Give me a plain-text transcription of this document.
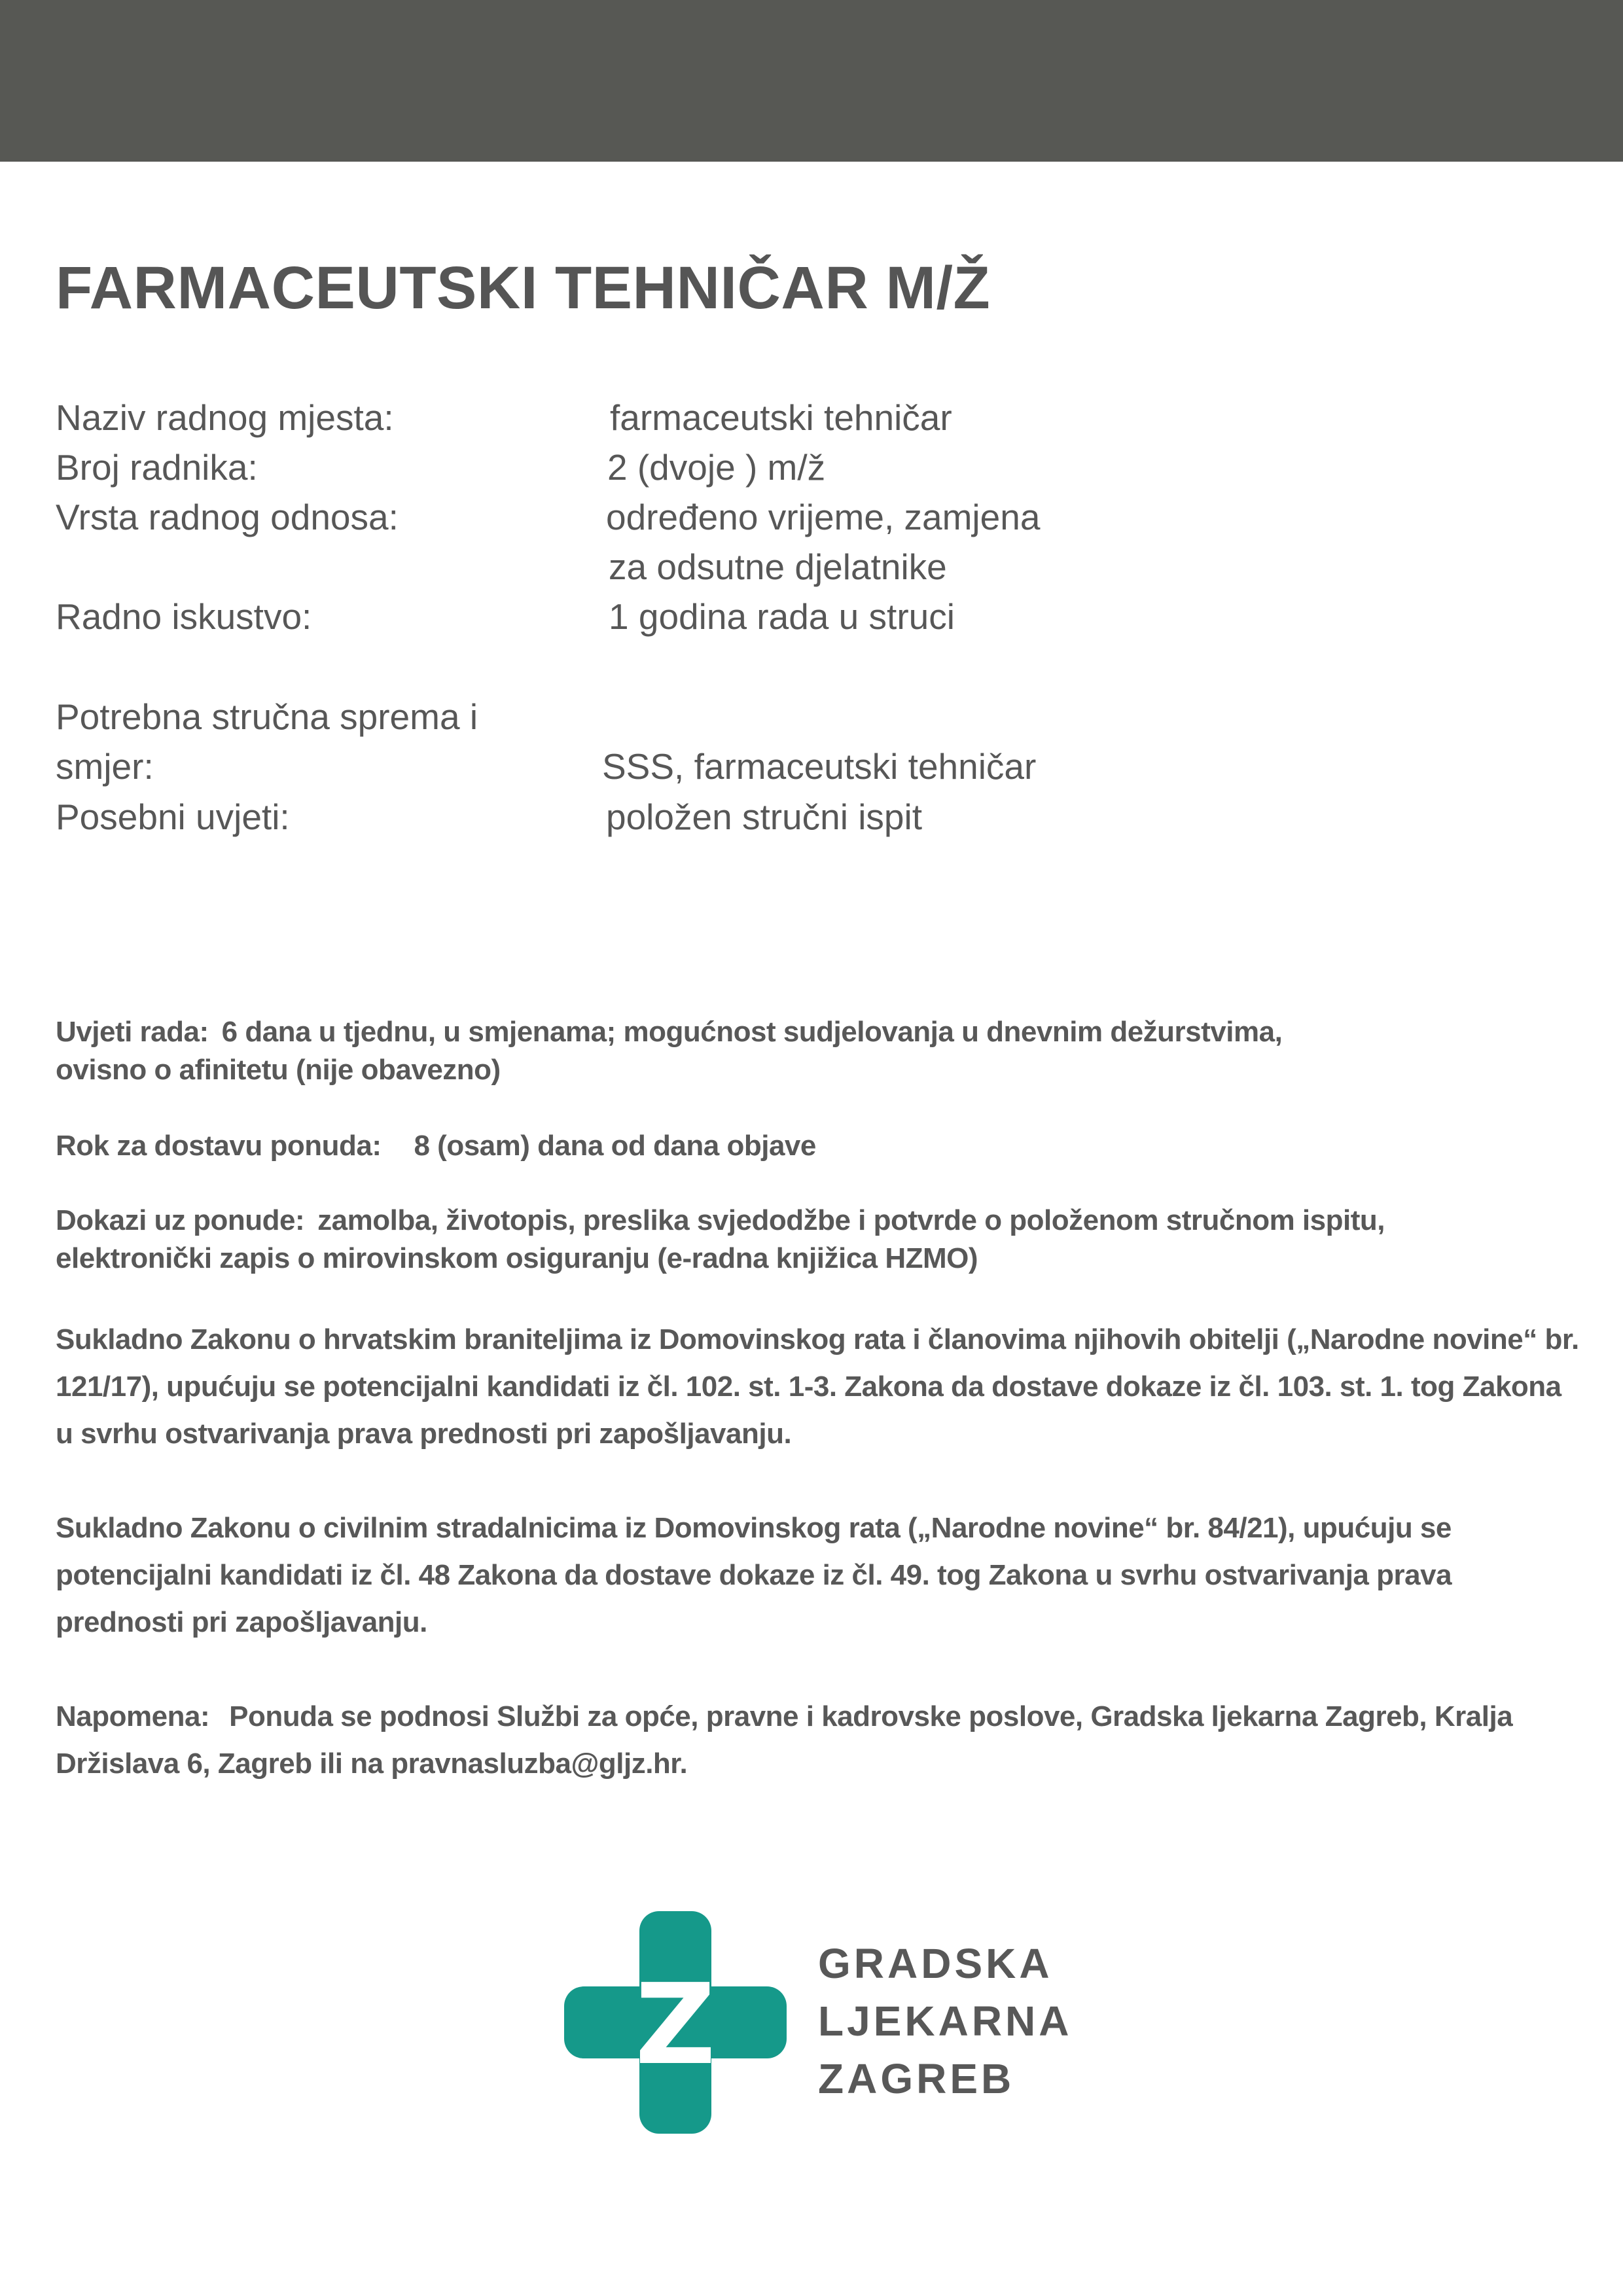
FARMACEUTSKI TEHNIČAR M/Ž
Naziv radnog mjesta:	farmaceutski tehničar
Broj radnika:	2 (dvoje ) m/ž
Vrsta radnog odnosa:	određeno vrijeme, zamjena
za odsutne djelatnike
Radno iskustvo:	1 godina rada u struci
Potrebna stručna sprema i
smjer:	SSS, farmaceutski tehničar
Posebni uvjeti:	položen stručni ispit

Uvjeti rada: 6 dana u tjednu, u smjenama; mogućnost sudjelovanja u dnevnim dežurstvima, ovisno o afinitetu (nije obavezno)

Rok za dostavu ponuda: 8 (osam) dana od dana objave

Dokazi uz ponude: zamolba, životopis, preslika svjedodžbe i potvrde o položenom stručnom ispitu, elektronički zapis o mirovinskom osiguranju (e-radna knjižica HZMO)

Sukladno Zakonu o hrvatskim braniteljima iz Domovinskog rata i članovima njihovih obitelji („Narodne novine“ br. 121/17), upućuju se potencijalni kandidati iz čl. 102. st. 1-3. Zakona da dostave dokaze iz čl. 103. st. 1. tog Zakona u svrhu ostvarivanja prava prednosti pri zapošljavanju.

Sukladno Zakonu o civilnim stradalnicima iz Domovinskog rata („Narodne novine“ br. 84/21), upućuju se potencijalni kandidati iz čl. 48 Zakona da dostave dokaze iz čl. 49. tog Zakona u svrhu ostvarivanja prava prednosti pri zapošljavanju.

Napomena: Ponuda se podnosi Službi za opće, pravne i kadrovske poslove, Gradska ljekarna Zagreb, Kralja Držislava 6, Zagreb ili na pravnasluzba@gljz.hr.

Z GRADSKA
LJEKARNA
ZAGREB
